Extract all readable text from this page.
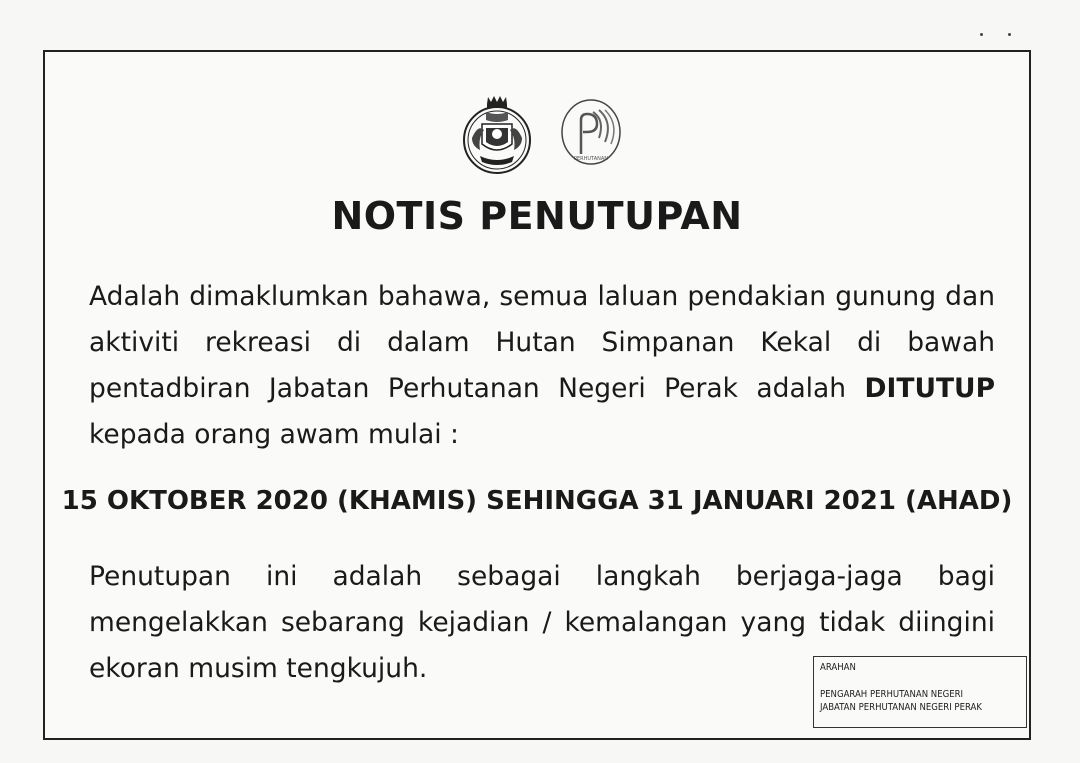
PERHUTANAN
NOTIS PENUTUPAN
Adalah dimaklumkan bahawa, semua laluan pendakian gunung dan
aktiviti rekreasi di dalam Hutan Simpanan Kekal di bawah
pentadbiran Jabatan Perhutanan Negeri Perak adalah DITUTUP
kepada orang awam mulai :
15 OKTOBER 2020 (KHAMIS) SEHINGGA 31 JANUARI 2021 (AHAD)
Penutupan ini adalah sebagai langkah berjaga-jaga bagi
mengelakkan sebarang kejadian / kemalangan yang tidak diingini
ekoran musim tengkujuh.	ARAHAN
PENGARAH PERHUTANAN NEGERI
JABATAN PERHUTANAN NEGERI PERAK
